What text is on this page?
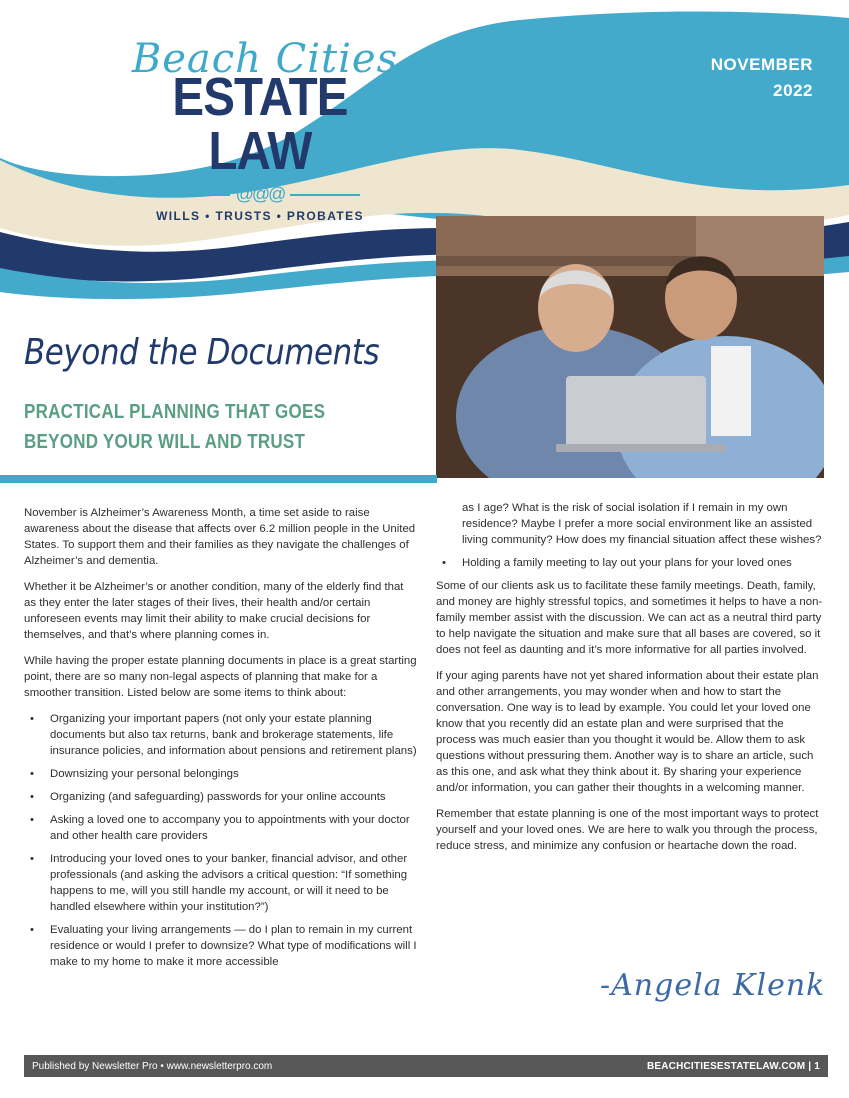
Beach Cities
ESTATE LAW
@@@
WILLS • TRUSTS • PROBATES
NOVEMBER
2022
Beyond the Documents
PRACTICAL PLANNING THAT GOES BEYOND YOUR WILL AND TRUST

November is Alzheimer’s Awareness Month, a time set aside to raise awareness about the disease that affects over 6.2 million people in the United States. To support them and their families as they navigate the challenges of Alzheimer’s and dementia.

Whether it be Alzheimer’s or another condition, many of the elderly find that as they enter the later stages of their lives, their health and/or certain unforeseen events may limit their ability to make crucial decisions for themselves, and that’s where planning comes in.

While having the proper estate planning documents in place is a great starting point, there are so many non-legal aspects of planning that make for a smoother transition. Listed below are some items to think about:

• Organizing your important papers (not only your estate planning documents but also tax returns, bank and brokerage statements, life insurance policies, and information about pensions and retirement plans)
• Downsizing your personal belongings
• Organizing (and safeguarding) passwords for your online accounts
• Asking a loved one to accompany you to appointments with your doctor and other health care providers
• Introducing your loved ones to your banker, financial advisor, and other professionals (and asking the advisors a critical question: “If something happens to me, will you still handle my account, or will it need to be handled elsewhere within your institution?”)
• Evaluating your living arrangements — do I plan to remain in my current residence or would I prefer to downsize? What type of modifications will I make to my home to make it more accessible
as I age? What is the risk of social isolation if I remain in my own residence? Maybe I prefer a more social environment like an assisted living community? How does my financial situation affect these wishes?
• Holding a family meeting to lay out your plans for your loved ones

Some of our clients ask us to facilitate these family meetings. Death, family, and money are highly stressful topics, and sometimes it helps to have a non-family member assist with the discussion. We can act as a neutral third party to help navigate the situation and make sure that all bases are covered, so it does not feel as daunting and it’s more informative for all parties involved.

If your aging parents have not yet shared information about their estate plan and other arrangements, you may wonder when and how to start the conversation. One way is to lead by example. You could let your loved one know that you recently did an estate plan and were surprised that the process was much easier than you thought it would be. Allow them to ask questions without pressuring them. Another way is to share an article, such as this one, and ask what they think about it. By sharing your experience and/or information, you can gather their thoughts in a welcoming manner.

Remember that estate planning is one of the most important ways to protect yourself and your loved ones. We are here to walk you through the process, reduce stress, and minimize any confusion or heartache down the road.

-Angela Klenk
Published by Newsletter Pro • www.newsletterpro.com	BEACHCITIESESTATELAW.COM | 1
